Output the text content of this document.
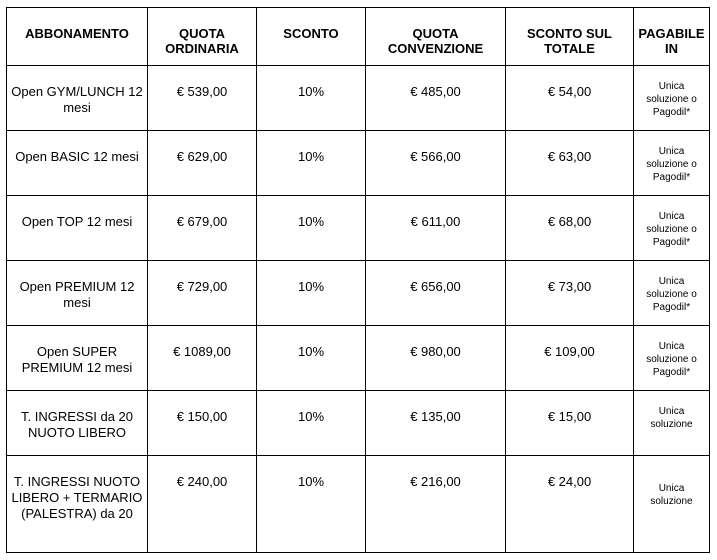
ABBONAMENTO	QUOTA ORDINARIA	SCONTO	QUOTA CONVENZIONE	SCONTO SUL TOTALE	PAGABILE IN
Open GYM/LUNCH 12 mesi	€ 539,00	10%	€ 485,00	€ 54,00	Unica soluzione o Pagodil*
Open BASIC 12 mesi	€ 629,00	10%	€ 566,00	€ 63,00	Unica soluzione o Pagodil*
Open TOP 12 mesi	€ 679,00	10%	€ 611,00	€ 68,00	Unica soluzione o Pagodil*
Open PREMIUM 12 mesi	€ 729,00	10%	€ 656,00	€ 73,00	Unica soluzione o Pagodil*
Open SUPER PREMIUM 12 mesi	€ 1089,00	10%	€ 980,00	€ 109,00	Unica soluzione o Pagodil*
T. INGRESSI da 20 NUOTO LIBERO	€ 150,00	10%	€ 135,00	€ 15,00	Unica soluzione
T. INGRESSI NUOTO LIBERO + TERMARIO (PALESTRA) da 20	€ 240,00	10%	€ 216,00	€ 24,00	Unica soluzione
